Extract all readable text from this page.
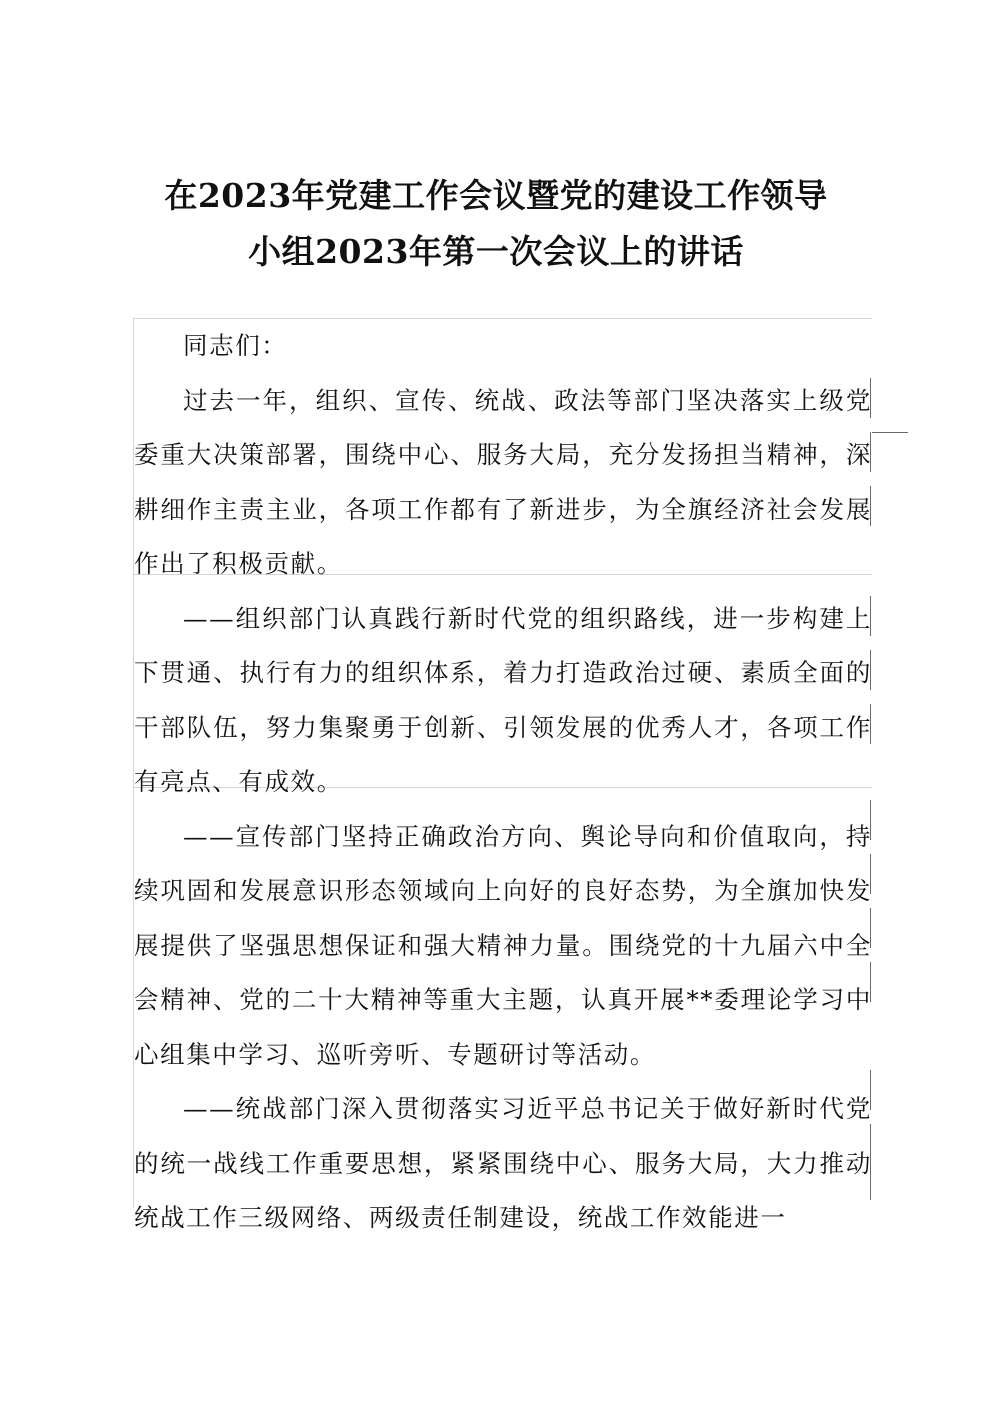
在2023年党建工作会议暨党的建设工作领导
小组2023年第一次会议上的讲话

同志们：

过去一年，组织、宣传、统战、政法等部门坚决落实上级党委重大决策部署，围绕中心、服务大局，充分发扬担当精神，深耕细作主责主业，各项工作都有了新进步，为全旗经济社会发展作出了积极贡献。

——组织部门认真践行新时代党的组织路线，进一步构建上下贯通、执行有力的组织体系，着力打造政治过硬、素质全面的干部队伍，努力集聚勇于创新、引领发展的优秀人才，各项工作有亮点、有成效。

——宣传部门坚持正确政治方向、舆论导向和价值取向，持续巩固和发展意识形态领域向上向好的良好态势，为全旗加快发展提供了坚强思想保证和强大精神力量。围绕党的十九届六中全会精神、党的二十大精神等重大主题，认真开展**委理论学习中心组集中学习、巡听旁听、专题研讨等活动。

——统战部门深入贯彻落实习近平总书记关于做好新时代党的统一战线工作重要思想，紧紧围绕中心、服务大局，大力推动统战工作三级网络、两级责任制建设，统战工作效能进一
